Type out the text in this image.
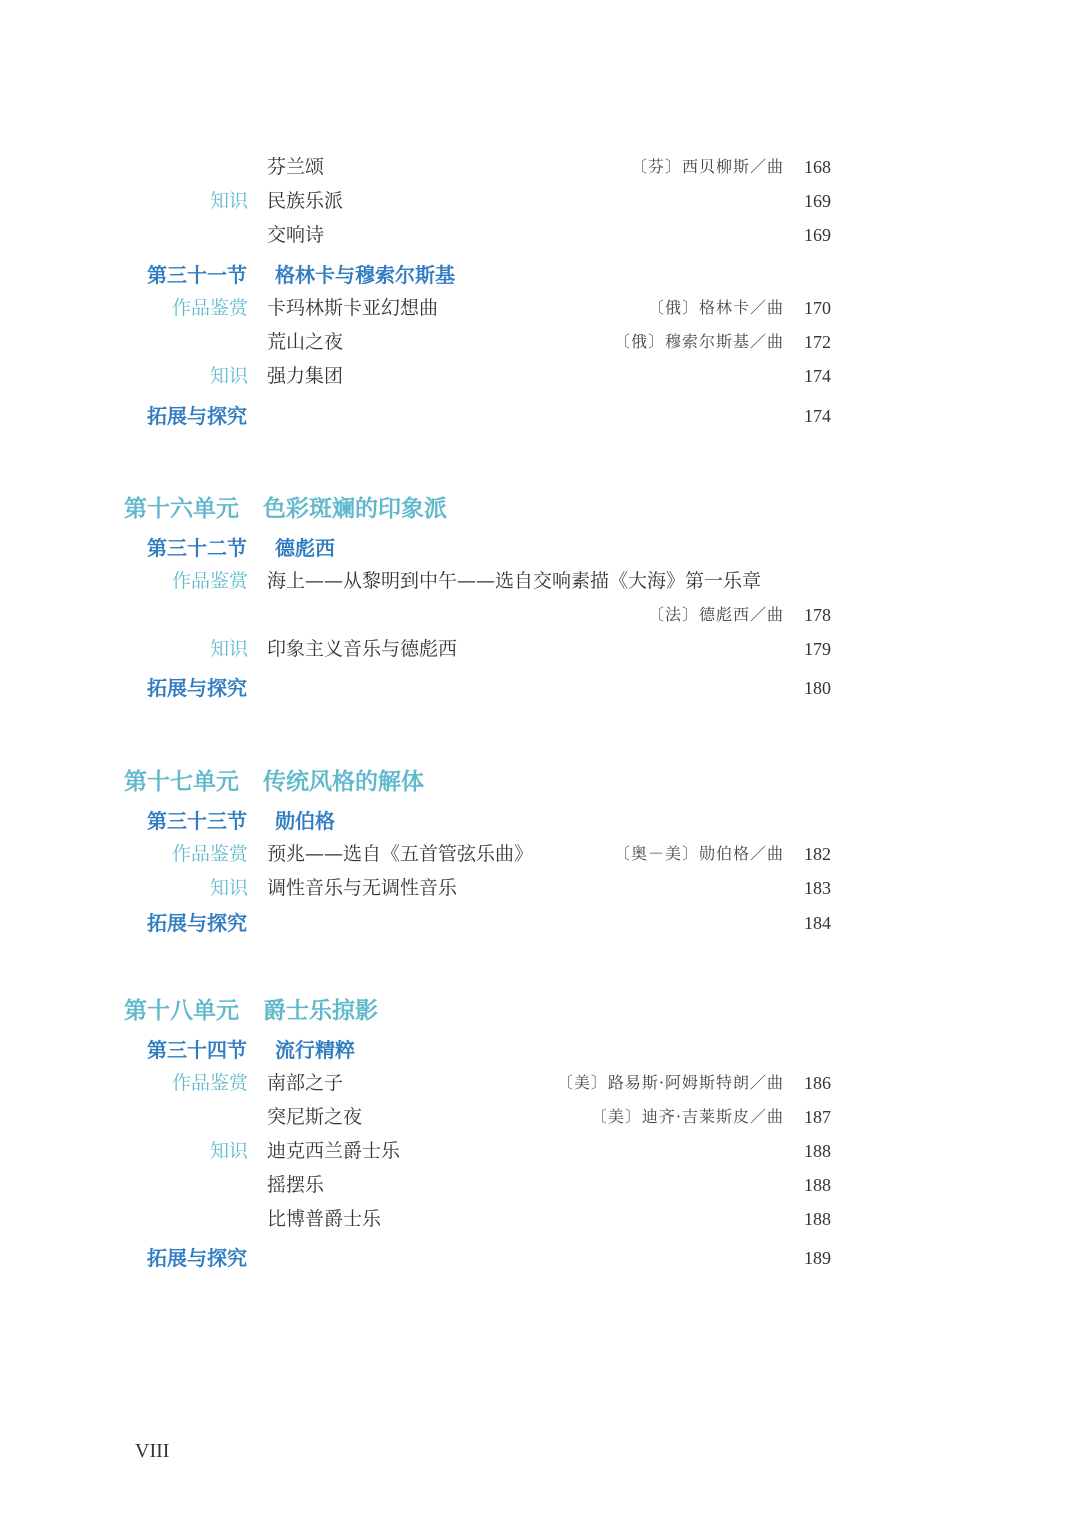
芬兰颂	〔芬〕西贝柳斯／曲 168
知识 民族乐派	169
交响诗	169
第三十一节 格林卡与穆索尔斯基
作品鉴赏 卡玛林斯卡亚幻想曲	〔俄〕格林卡／曲 170
荒山之夜	〔俄〕穆索尔斯基／曲 172
知识 强力集团	174
拓展与探究	174
第十六单元 色彩斑斓的印象派
第三十二节 德彪西
作品鉴赏 海上——从黎明到中午——选自交响素描《大海》第一乐章
〔法〕德彪西／曲 178
知识 印象主义音乐与德彪西	179
拓展与探究	180
第十七单元 传统风格的解体
第三十三节 勋伯格
作品鉴赏 预兆——选自《五首管弦乐曲》	〔奥－美〕勋伯格／曲 182
知识 调性音乐与无调性音乐	183
拓展与探究	184
第十八单元 爵士乐掠影
第三十四节 流行精粹
作品鉴赏 南部之子	〔美〕路易斯·阿姆斯特朗／曲 186
突尼斯之夜	〔美〕迪齐·吉莱斯皮／曲 187
知识 迪克西兰爵士乐	188
摇摆乐	188
比博普爵士乐	188
拓展与探究	189
VIII
